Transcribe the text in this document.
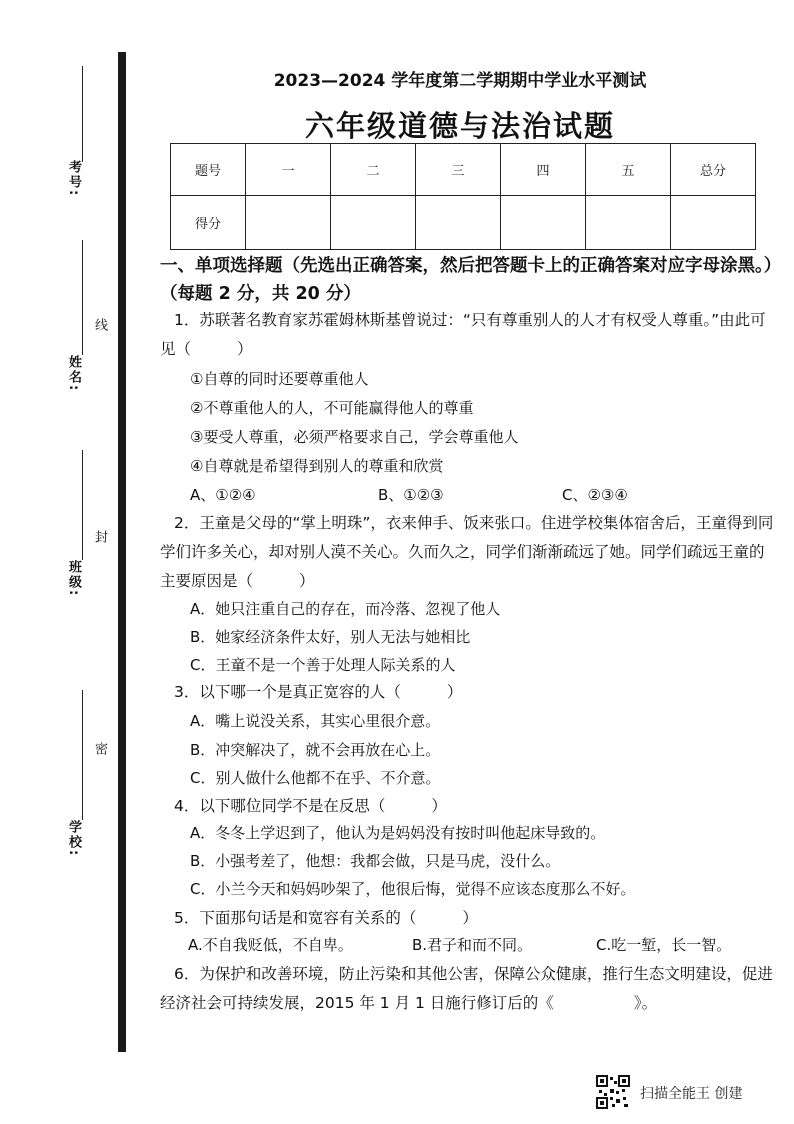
考号:
姓名:
线
班级:
封
密
学校:
2023—2024 学年度第二学期期中学业水平测试
六年级道德与法治试题
题号	一	二	三	四	五	总分
得分						
一、单项选择题（先选出正确答案，然后把答题卡上的正确答案对应字母涂黑。）（每题 2 分，共 20 分）
1．苏联著名教育家苏霍姆林斯基曾说过：“只有尊重别人的人才有权受人尊重。”由此可见（	）
①自尊的同时还要尊重他人
②不尊重他人的人，不可能赢得他人的尊重
③要受人尊重，必须严格要求自己，学会尊重他人
④自尊就是希望得到别人的尊重和欣赏
A、①②④	B、①②③	C、②③④
2．王童是父母的“掌上明珠”，衣来伸手、饭来张口。住进学校集体宿舍后，王童得到同学们许多关心，却对别人漠不关心。久而久之，同学们渐渐疏远了她。同学们疏远王童的主要原因是（	）
A．她只注重自己的存在，而冷落、忽视了他人
B．她家经济条件太好，别人无法与她相比
C．王童不是一个善于处理人际关系的人
3．以下哪一个是真正宽容的人（	）
A．嘴上说没关系，其实心里很介意。
B．冲突解决了，就不会再放在心上。
C．别人做什么他都不在乎、不介意。
4．以下哪位同学不是在反思（	）
A．冬冬上学迟到了，他认为是妈妈没有按时叫他起床导致的。
B．小强考差了，他想：我都会做，只是马虎，没什么。
C．小兰今天和妈妈吵架了，他很后悔，觉得不应该态度那么不好。
5．下面那句话是和宽容有关系的（	）
A.不自我贬低，不自卑。	B.君子和而不同。	C.吃一堑，长一智。
6．为保护和改善环境，防止污染和其他公害，保障公众健康，推行生态文明建设，促进经济社会可持续发展，2015 年 1 月 1 日施行修订后的《	》。
扫描全能王 创建
